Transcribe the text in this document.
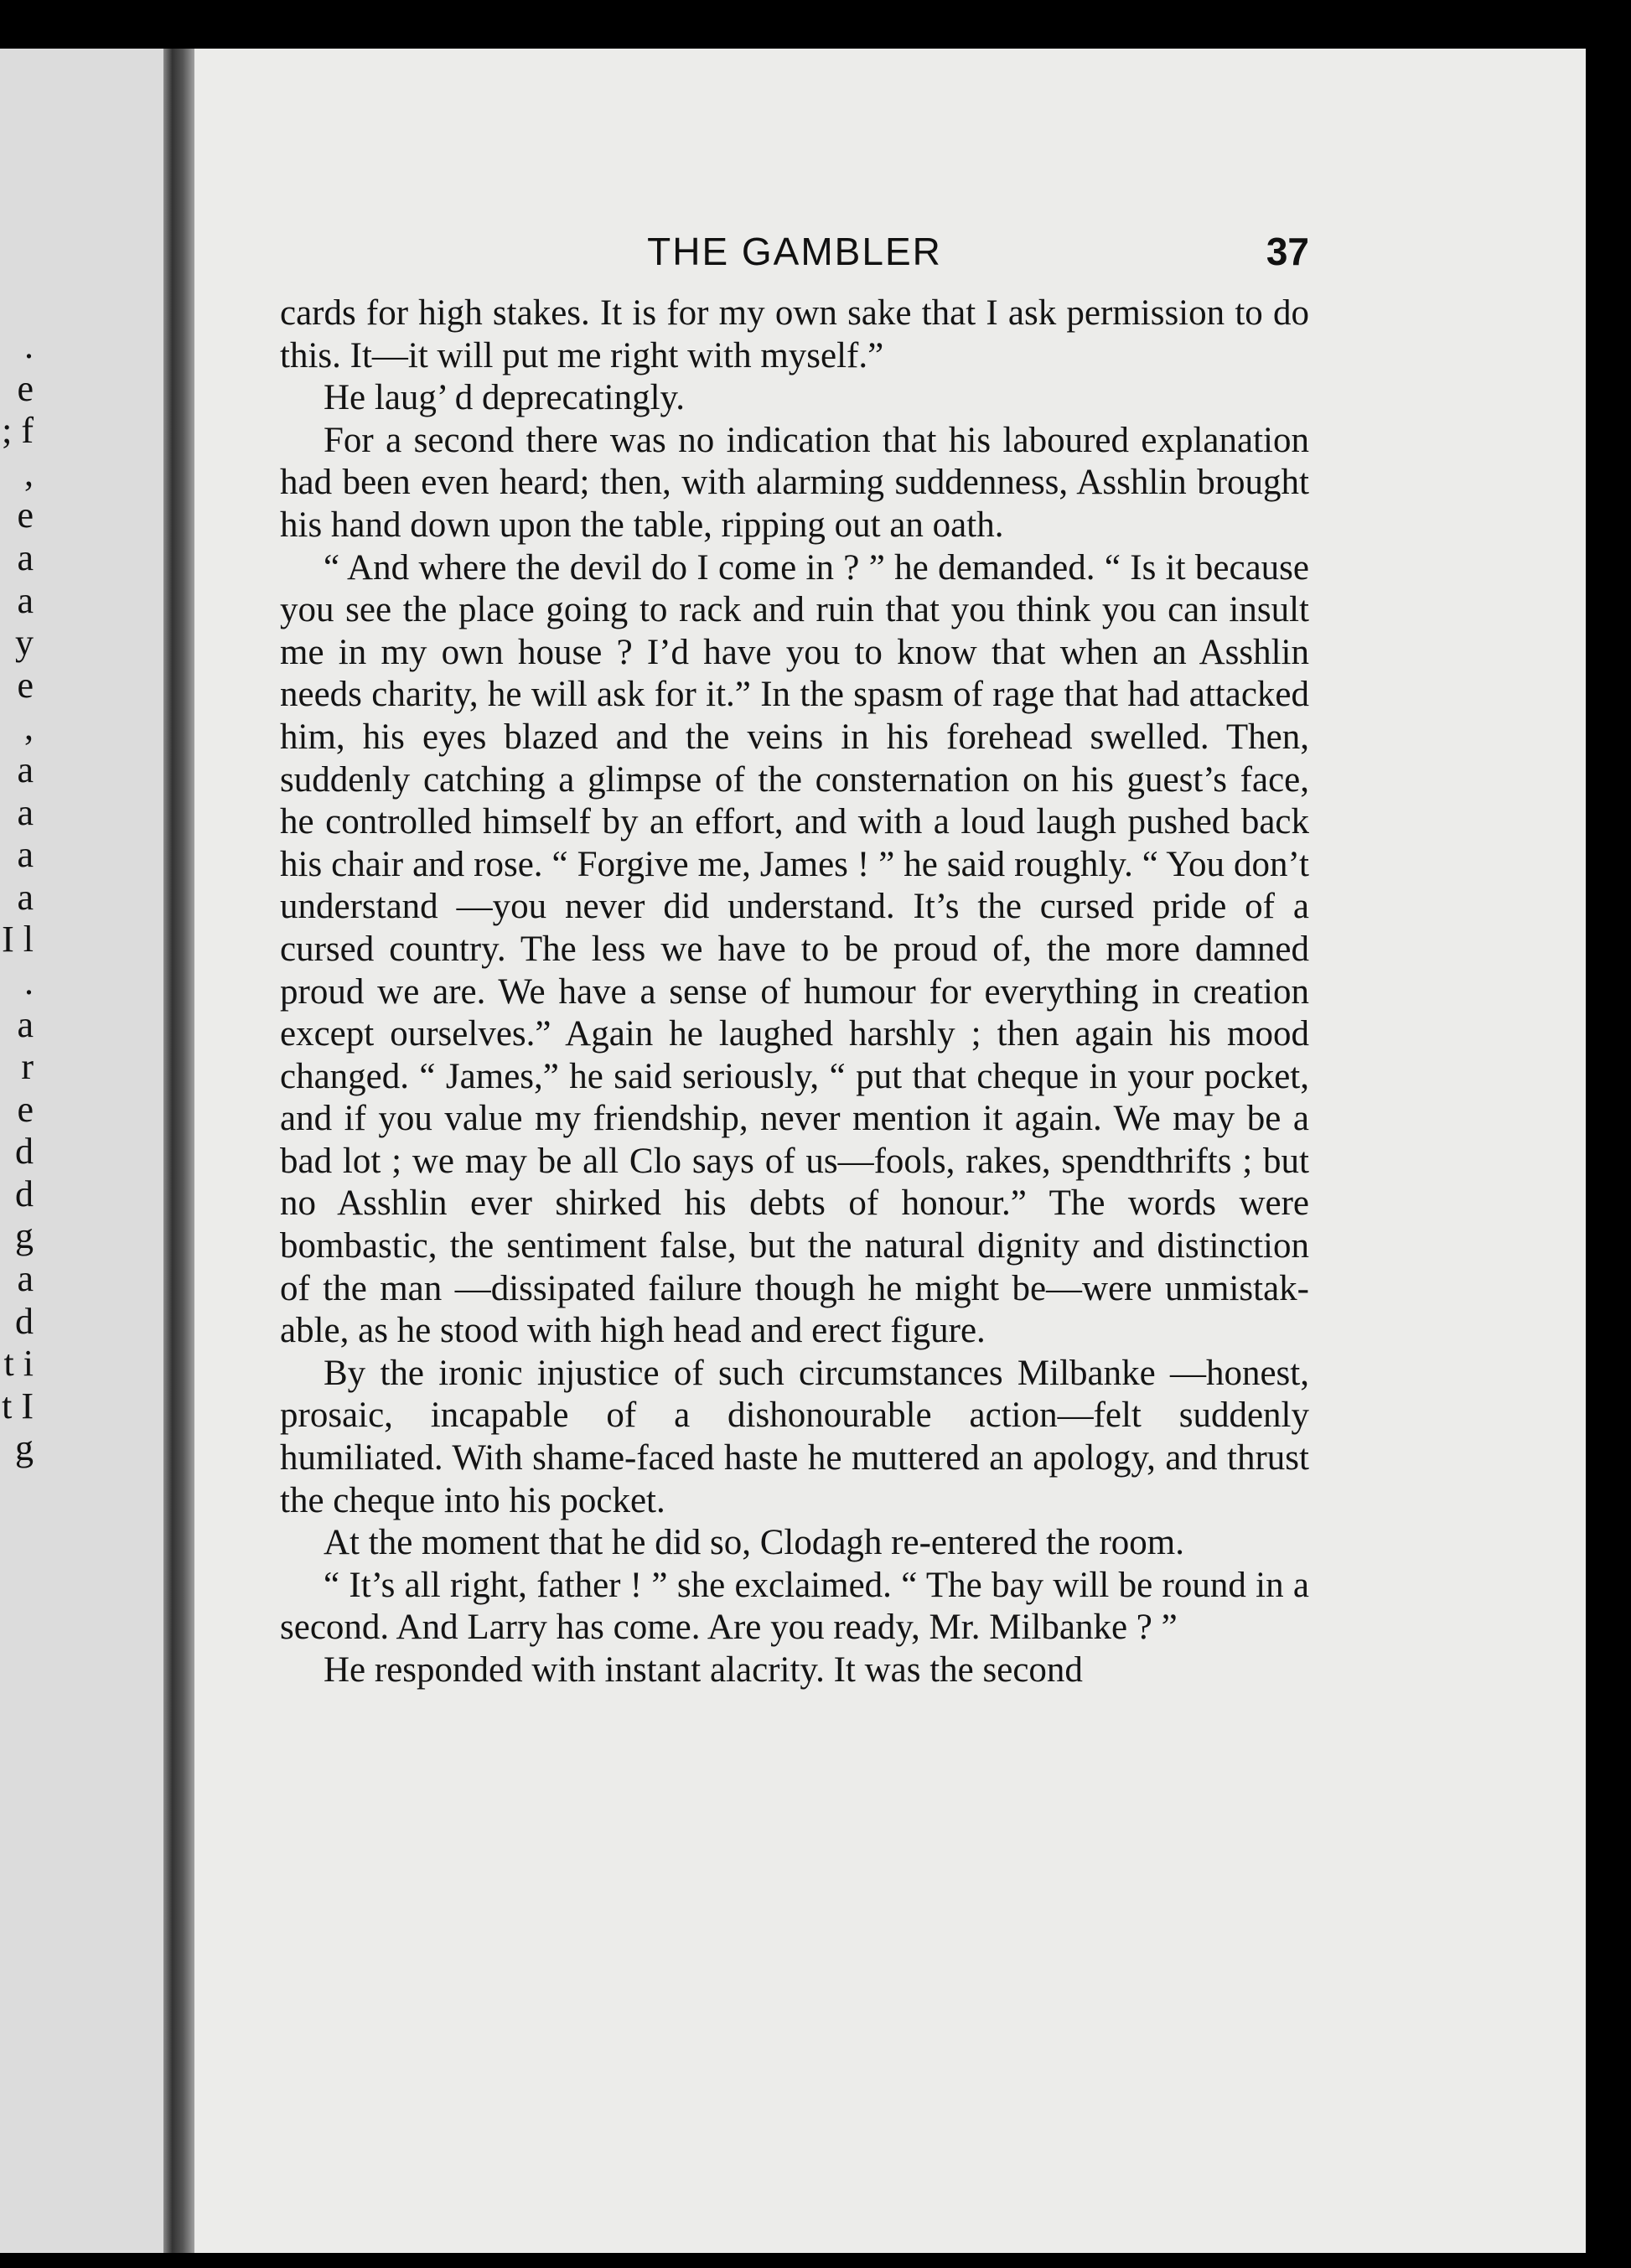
. e ; f , e a a y e , a a a a I l . a r e d d g a d t i t I g
THE GAMBLER	37

cards for high stakes. It is for my own sake that I ask permission to do this. It—it will put me right with myself.”

He laug’ d deprecatingly.

For a second there was no indication that his laboured explanation had been even heard; then, with alarming suddenness, Asshlin brought his hand down upon the table, ripping out an oath.

“ And where the devil do I come in ? ” he demanded. “ Is it because you see the place going to rack and ruin that you think you can insult me in my own house ? I’d have you to know that when an Asshlin needs charity, he will ask for it.” In the spasm of rage that had attacked him, his eyes blazed and the veins in his forehead swelled. Then, suddenly catching a glimpse of the consternation on his guest’s face, he controlled himself by an effort, and with a loud laugh pushed back his chair and rose. “ Forgive me, James ! ” he said roughly. “ You don’t understand —you never did understand. It’s the cursed pride of a cursed country. The less we have to be proud of, the more damned proud we are. We have a sense of humour for everything in creation except ourselves.” Again he laughed harshly ; then again his mood changed. “ James,” he said seriously, “ put that cheque in your pocket, and if you value my friendship, never mention it again. We may be a bad lot ; we may be all Clo says of us—fools, rakes, spendthrifts ; but no Asshlin ever shirked his debts of honour.” The words were bombastic, the sentiment false, but the natural dignity and distinction of the man —dissipated failure though he might be—were unmistak-able, as he stood with high head and erect figure.

By the ironic injustice of such circumstances Milbanke —honest, prosaic, incapable of a dishonourable action—felt suddenly humiliated. With shame-faced haste he muttered an apology, and thrust the cheque into his pocket.

At the moment that he did so, Clodagh re-entered the room.

“ It’s all right, father ! ” she exclaimed. “ The bay will be round in a second. And Larry has come. Are you ready, Mr. Milbanke ? ”

He responded with instant alacrity. It was the second
